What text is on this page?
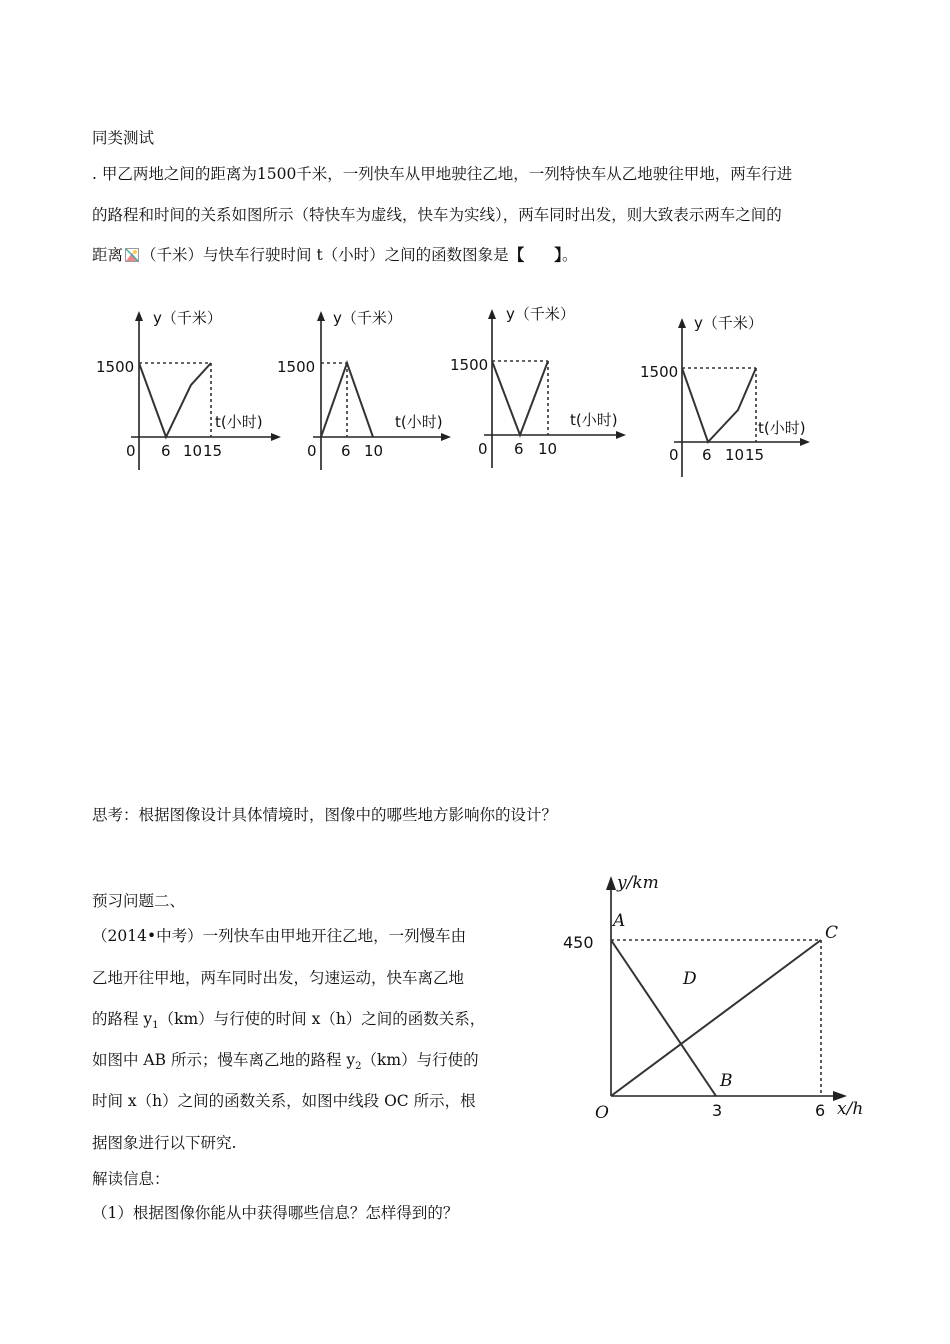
同类测试
. 甲乙两地之间的距离为1500千米，一列快车从甲地驶往乙地，一列特快车从乙地驶往甲地，两车行进
的路程和时间的关系如图所示（特快车为虚线，快车为实线），两车同时出发，则大致表示两车之间的
距离 （千米）与快车行驶时间 t（小时）之间的函数图象是【 】。
y（千米）
1500
t(小时)
0 6 10 15
y（千米）
1500
t(小时)
0 6 10
y（千米）
1500
t(小时)
0 6 10
y（千米）
1500
t(小时)
0 6 10 15
思考：根据图像设计具体情境时，图像中的哪些地方影响你的设计？
预习问题二、
（2014•中考）一列快车由甲地开往乙地，一列慢车由
乙地开往甲地，两车同时出发，匀速运动，快车离乙地
的路程 $y_1(km)$与行使的时间 x（h）之间的函数关系，
如图中 AB 所示；慢车离乙地的路程 $y_2(km)$与行使的
时间 x（h）之间的函数关系，如图中线段 OC 所示，根
据图象进行以下研究.
解读信息：
（1）根据图像你能从中获得哪些信息？怎样得到的？
y/km
x/h
450
3	6
A
B
C
D
O
